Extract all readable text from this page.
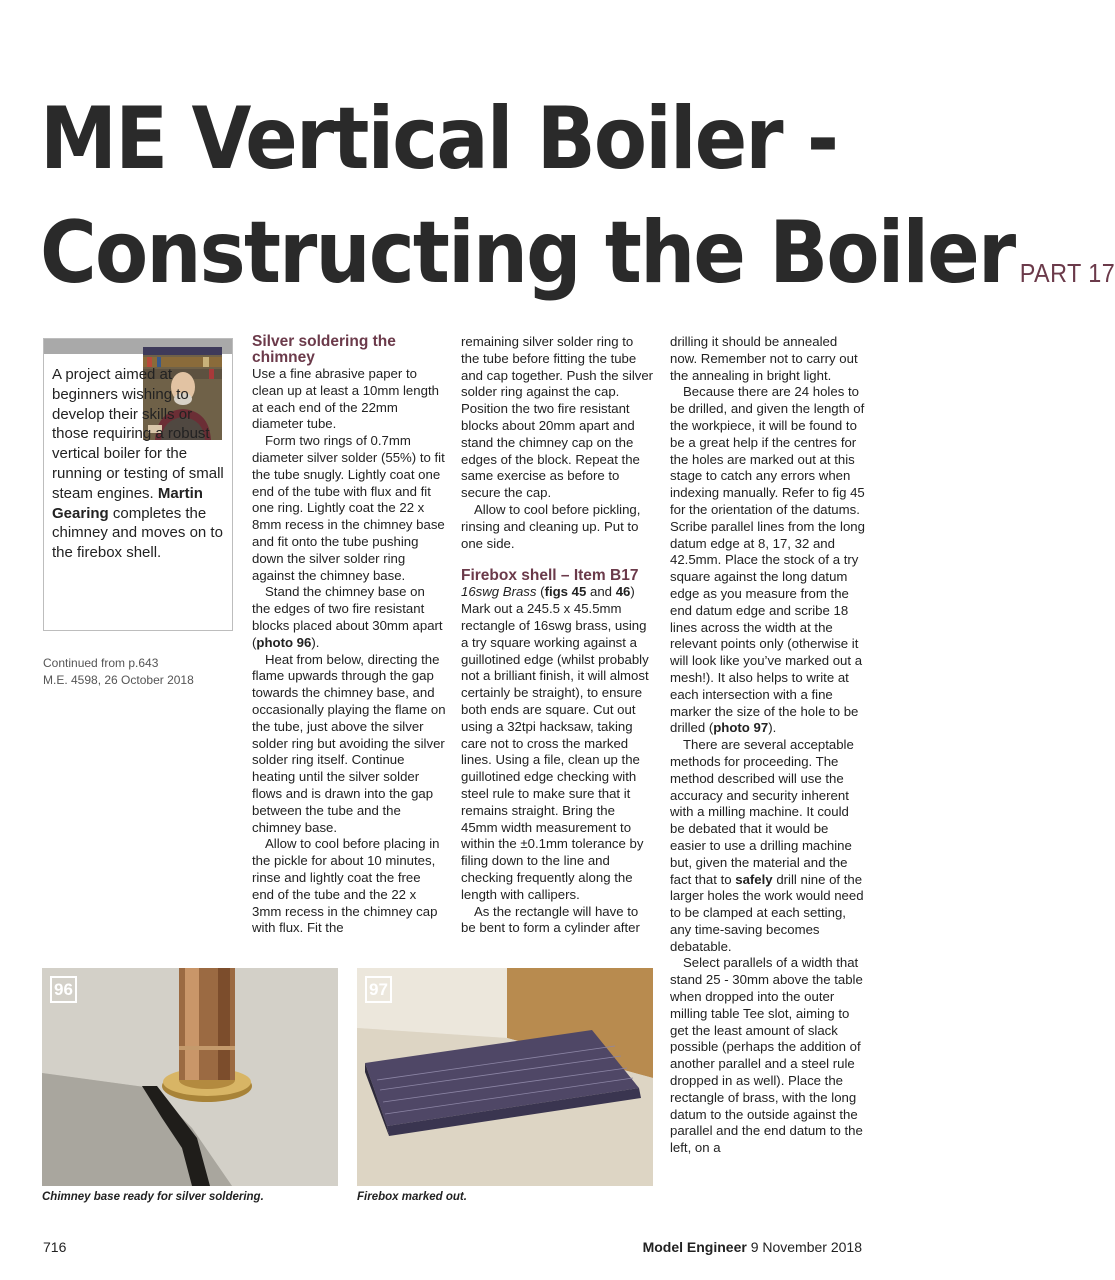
ME Vertical Boiler -
Constructing the Boiler PART 17
A project aimed at beginners wishing to develop their skills or those requiring a robust vertical boiler for the running or testing of small steam engines. Martin Gearing completes the chimney and moves on to the firebox shell.
Continued from p.643
M.E. 4598, 26 October 2018
Silver soldering the chimney

Use a fine abrasive paper to clean up at least a 10mm length at each end of the 22mm diameter tube.

Form two rings of 0.7mm diameter silver solder (55%) to fit the tube snugly. Lightly coat one end of the tube with flux and fit one ring. Lightly coat the 22 x 8mm recess in the chimney base and fit onto the tube pushing down the silver solder ring against the chimney base.

Stand the chimney base on the edges of two fire resistant blocks placed about 30mm apart (photo 96).

Heat from below, directing the flame upwards through the gap towards the chimney base, and occasionally playing the flame on the tube, just above the silver solder ring but avoiding the silver solder ring itself. Continue heating until the silver solder flows and is drawn into the gap between the tube and the chimney base.

Allow to cool before placing in the pickle for about 10 minutes, rinse and lightly coat the free end of the tube and the 22 x 3mm recess in the chimney cap with flux. Fit the

remaining silver solder ring to the tube before fitting the tube and cap together. Push the silver solder ring against the cap. Position the two fire resistant blocks about 20mm apart and stand the chimney cap on the edges of the block. Repeat the same exercise as before to secure the cap.

Allow to cool before pickling, rinsing and cleaning up. Put to one side.

Firebox shell – Item B17

16swg Brass (figs 45 and 46)

Mark out a 245.5 x 45.5mm rectangle of 16swg brass, using a try square working against a guillotined edge (whilst probably not a brilliant finish, it will almost certainly be straight), to ensure both ends are square. Cut out using a 32tpi hacksaw, taking care not to cross the marked lines. Using a file, clean up the guillotined edge checking with steel rule to make sure that it remains straight. Bring the 45mm width measurement to within the ±0.1mm tolerance by filing down to the line and checking frequently along the length with callipers.

As the rectangle will have to be bent to form a cylinder after

drilling it should be annealed now. Remember not to carry out the annealing in bright light.

Because there are 24 holes to be drilled, and given the length of the workpiece, it will be found to be a great help if the centres for the holes are marked out at this stage to catch any errors when indexing manually. Refer to fig 45 for the orientation of the datums. Scribe parallel lines from the long datum edge at 8, 17, 32 and 42.5mm. Place the stock of a try square against the long datum edge as you measure from the end datum edge and scribe 18 lines across the width at the relevant points only (otherwise it will look like you’ve marked out a mesh!). It also helps to write at each intersection with a fine marker the size of the hole to be drilled (photo 97).

There are several acceptable methods for proceeding. The method described will use the accuracy and security inherent with a milling machine. It could be debated that it would be easier to use a drilling machine but, given the material and the fact that to safely drill nine of the larger holes the work would need to be clamped at each setting, any time-saving becomes debatable.

Select parallels of a width that stand 25 - 30mm above the table when dropped into the outer milling table Tee slot, aiming to get the least amount of slack possible (perhaps the addition of another parallel and a steel rule dropped in as well). Place the rectangle of brass, with the long datum to the outside against the parallel and the end datum to the left, on a

96
Chimney base ready for silver soldering.
97
Firebox marked out.
716	Model Engineer 9 November 2018
